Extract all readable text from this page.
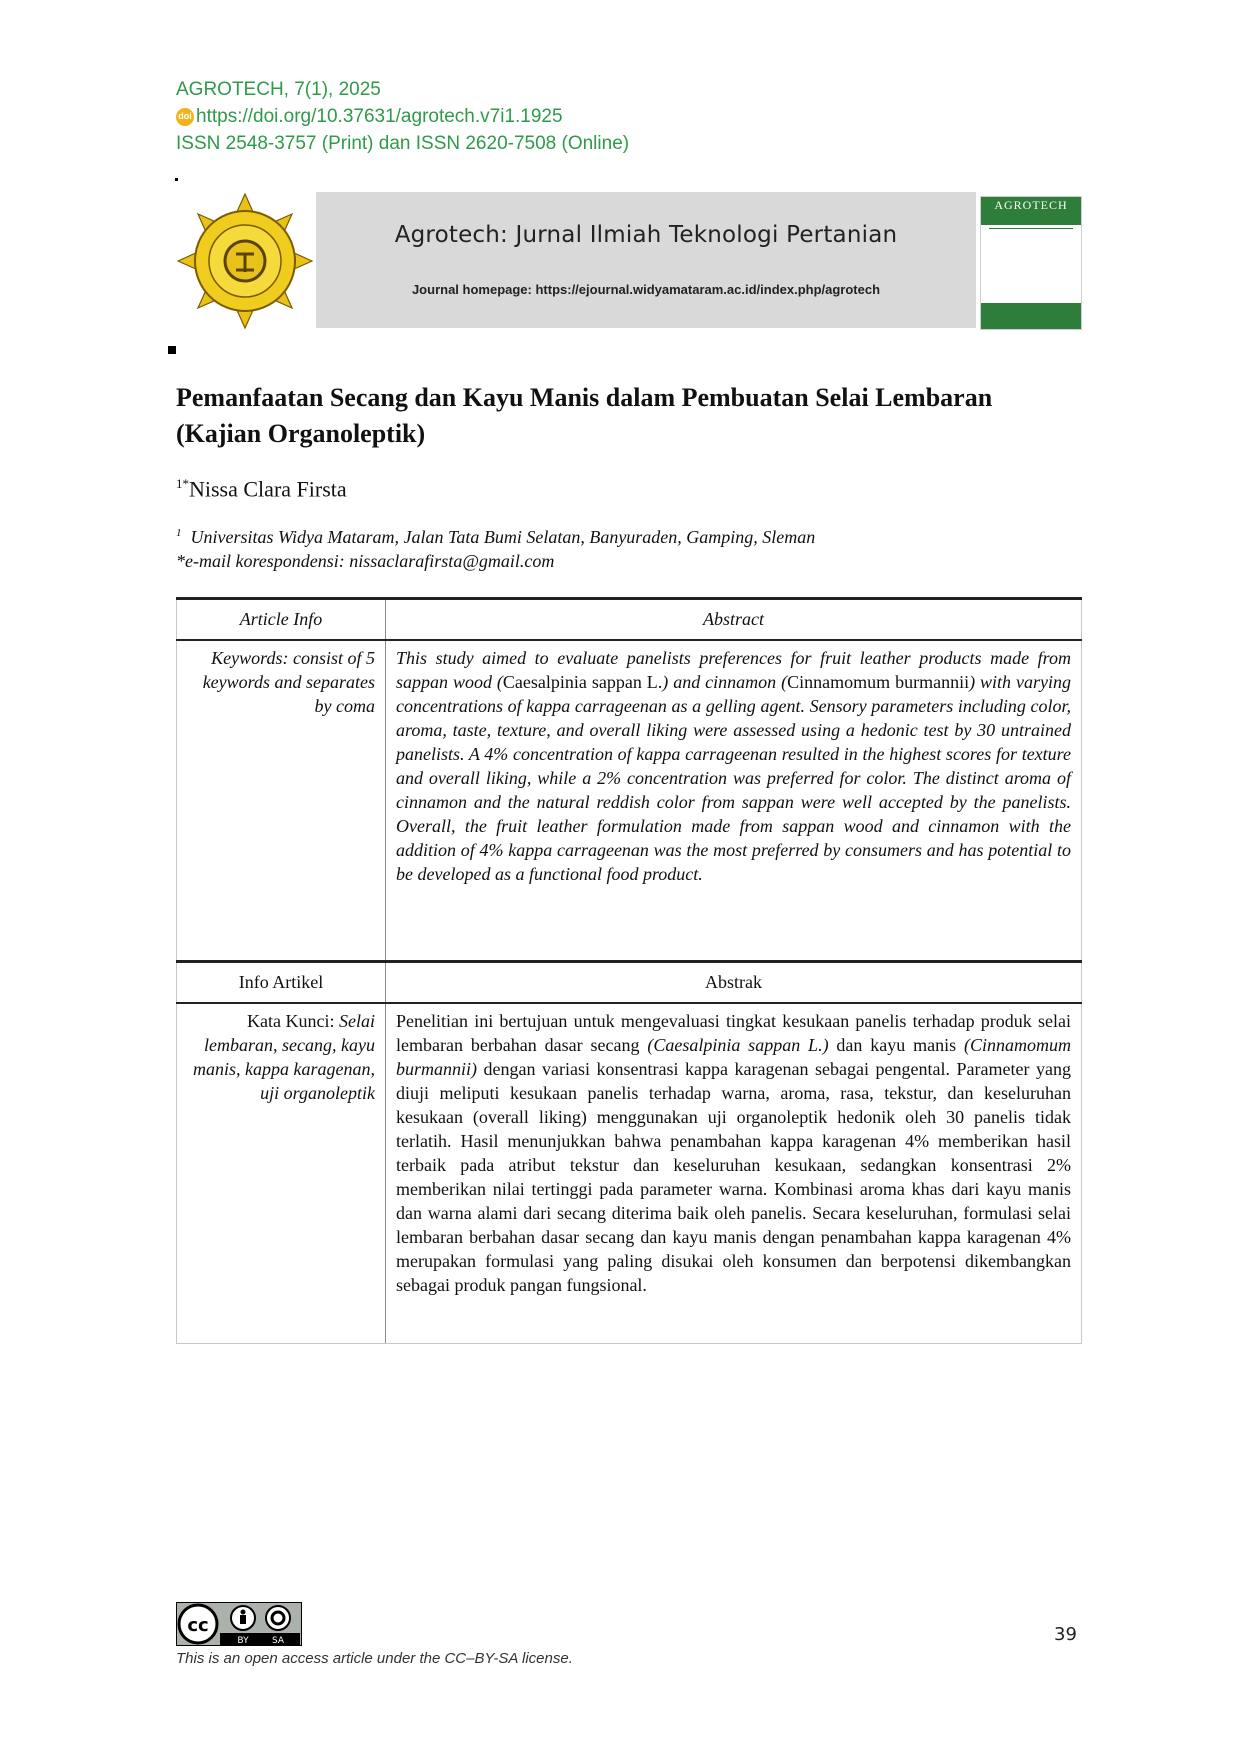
AGROTECH, 7(1), 2025
doi https://doi.org/ 10.37631/agrotech.v7i1.1925
ISSN 2548-3757 (Print) dan ISSN 2620-7508 (Online)
Agrotech: Jurnal Ilmiah Teknologi Pertanian
Journal homepage: https://ejournal.widyamataram.ac.id/index.php/agrotech
AGROTECH
Pemanfaatan Secang dan Kayu Manis dalam Pembuatan Selai Lembaran (Kajian Organoleptik)
$^{1*}$Nissa Clara Firsta
$^1$ Universitas Widya Mataram, Jalan Tata Bumi Selatan, Banyuraden, Gamping, Sleman
*e-mail korespondensi: nissaclarafirsta@gmail.com
Article Info	Abstract
Keywords: consist of 5 keywords and separates by coma	This study aimed to evaluate panelists preferences for fruit leather products made from sappan wood (Caesalpinia sappan L.) and cinnamon (Cinnamomum burmannii) with varying concentrations of kappa carrageenan as a gelling agent. Sensory parameters including color, aroma, taste, texture, and overall liking were assessed using a hedonic test by 30 untrained panelists. A 4% concentration of kappa carrageenan resulted in the highest scores for texture and overall liking, while a 2% concentration was preferred for color. The distinct aroma of cinnamon and the natural reddish color from sappan were well accepted by the panelists. Overall, the fruit leather formulation made from sappan wood and cinnamon with the addition of 4% kappa carrageenan was the most preferred by consumers and has potential to be developed as a functional food product.
Info Artikel	Abstrak
Kata Kunci: Selai lembaran, secang, kayu manis, kappa karagenan, uji organoleptik	Penelitian ini bertujuan untuk mengevaluasi tingkat kesukaan panelis terhadap produk selai lembaran berbahan dasar secang (Caesalpinia sappan L.) dan kayu manis (Cinnamomum burmannii) dengan variasi konsentrasi kappa karagenan sebagai pengental. Parameter yang diuji meliputi kesukaan panelis terhadap warna, aroma, rasa, tekstur, dan keseluruhan kesukaan (overall liking) menggunakan uji organoleptik hedonik oleh 30 panelis tidak terlatih. Hasil menunjukkan bahwa penambahan kappa karagenan 4% memberikan hasil terbaik pada atribut tekstur dan keseluruhan kesukaan, sedangkan konsentrasi 2% memberikan nilai tertinggi pada parameter warna. Kombinasi aroma khas dari kayu manis dan warna alami dari secang diterima baik oleh panelis. Secara keseluruhan, formulasi selai lembaran berbahan dasar secang dan kayu manis dengan penambahan kappa karagenan 4% merupakan formulasi yang paling disukai oleh konsumen dan berpotensi dikembangkan sebagai produk pangan fungsional.
cc
BY	SA
This is an open access article under the CC–BY-SA license.
39
